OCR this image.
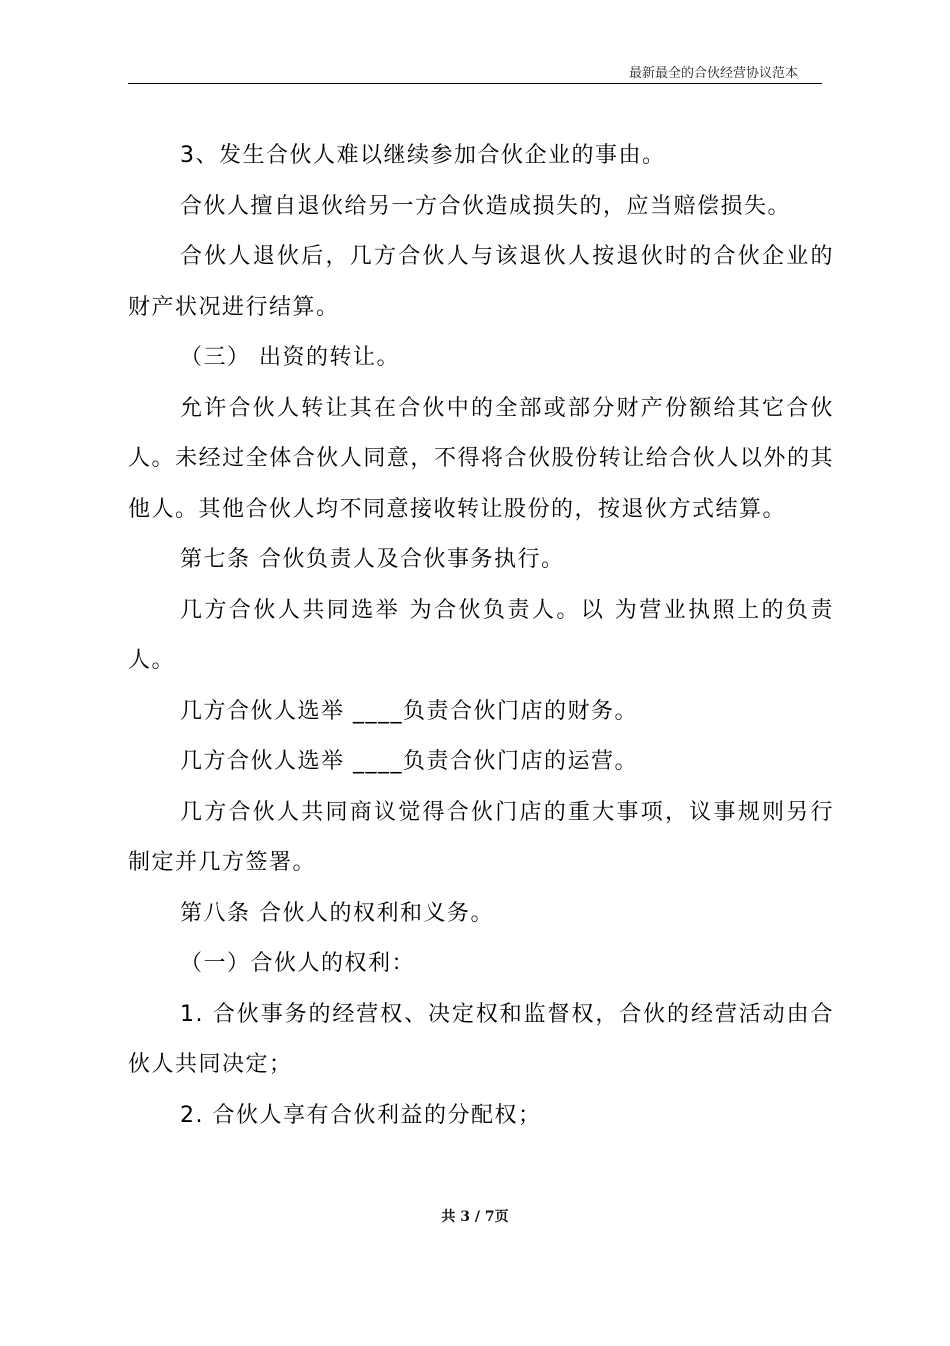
最新最全的合伙经营协议范本

3、发生合伙人难以继续参加合伙企业的事由。

合伙人擅自退伙给另一方合伙造成损失的，应当赔偿损失。

合伙人退伙后，几方合伙人与该退伙人按退伙时的合伙企业的财产状况进行结算。

（三） 出资的转让。

允许合伙人转让其在合伙中的全部或部分财产份额给其它合伙人。未经过全体合伙人同意，不得将合伙股份转让给合伙人以外的其他人。其他合伙人均不同意接收转让股份的，按退伙方式结算。

第七条 合伙负责人及合伙事务执行。

几方合伙人共同选举 为合伙负责人。以 为营业执照上的负责人。

几方合伙人选举 ____负责合伙门店的财务。

几方合伙人选举 ____负责合伙门店的运营。

几方合伙人共同商议觉得合伙门店的重大事项，议事规则另行制定并几方签署。

第八条 合伙人的权利和义务。

（一）合伙人的权利：

1. 合伙事务的经营权、决定权和监督权，合伙的经营活动由合伙人共同决定；

2. 合伙人享有合伙利益的分配权；

共 3 / 7页
